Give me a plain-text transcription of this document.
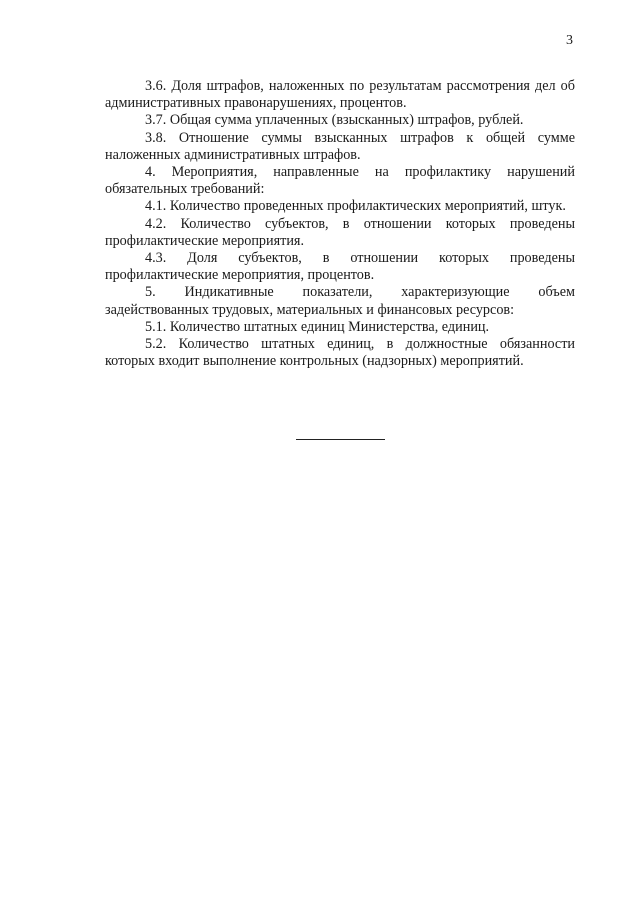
3

3.6. Доля штрафов, наложенных по результатам рассмотрения дел об административных правонарушениях, процентов.

3.7. Общая сумма уплаченных (взысканных) штрафов, рублей.

3.8. Отношение суммы взысканных штрафов к общей сумме наложенных административных штрафов.

4. Мероприятия, направленные на профилактику нарушений обязательных требований:

4.1. Количество проведенных профилактических мероприятий, штук.

4.2. Количество субъектов, в отношении которых проведены профилактические мероприятия.

4.3. Доля субъектов, в отношении которых проведены профилактические мероприятия, процентов.

5. Индикативные показатели, характеризующие объем задействованных трудовых, материальных и финансовых ресурсов:

5.1. Количество штатных единиц Министерства, единиц.

5.2. Количество штатных единиц, в должностные обязанности которых входит выполнение контрольных (надзорных) мероприятий.
